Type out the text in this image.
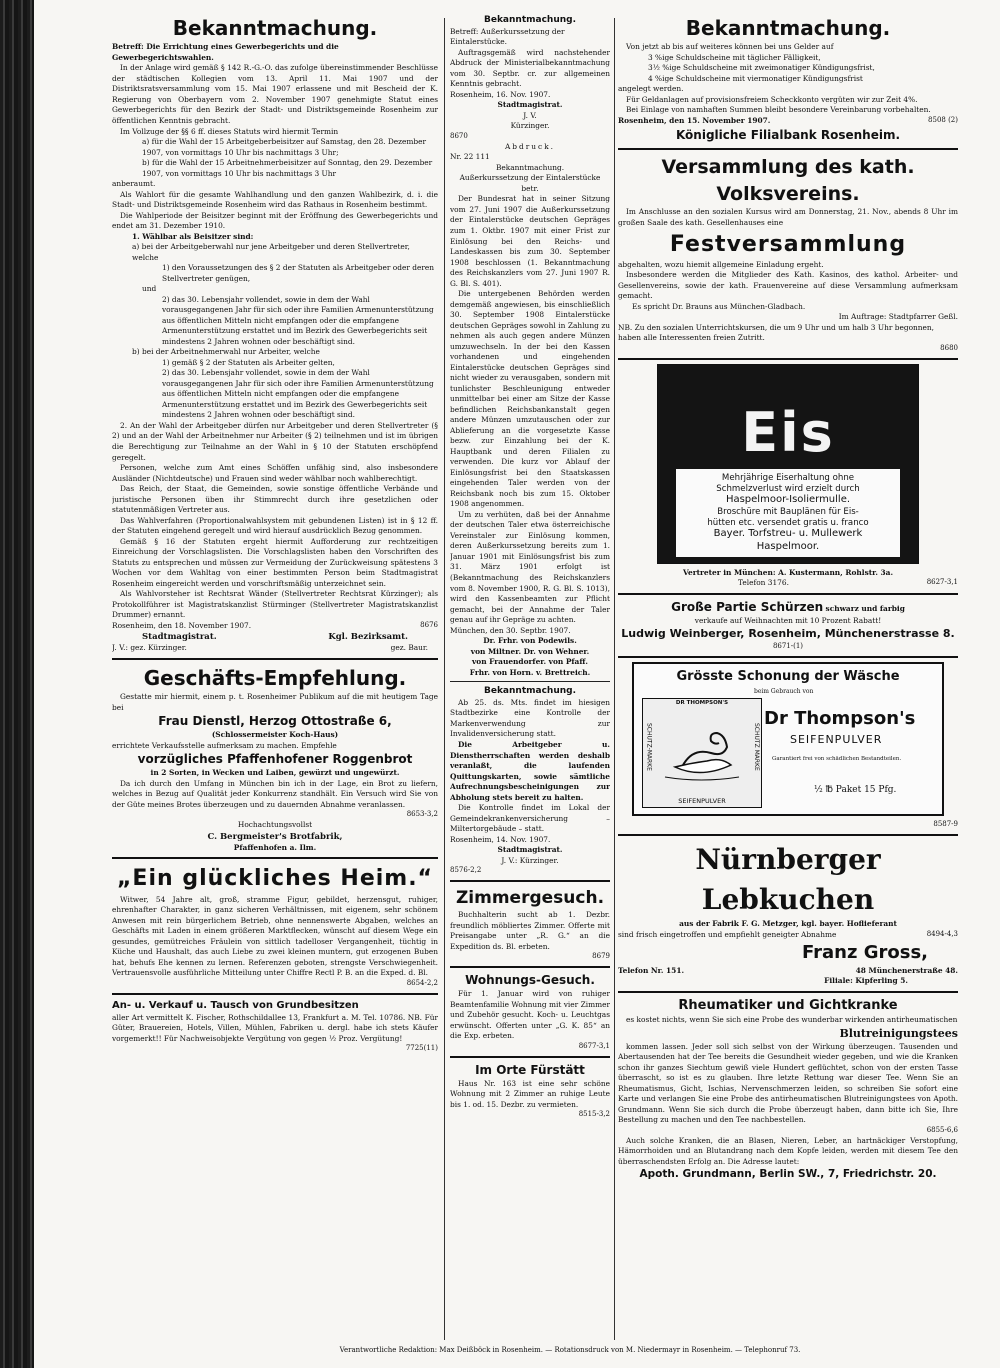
Bekanntmachung.

Betreff: Die Errichtung eines Gewerbegerichts und die Gewerbegerichtswahlen.

In der Anlage wird gemäß § 142 R.-G.-O. das zufolge übereinstimmender Beschlüsse der städtischen Kollegien vom 13. April 11. Mai 1907 und der Distriktsratsversammlung vom 15. Mai 1907 erlassene und mit Bescheid der K. Regierung von Oberbayern vom 2. November 1907 genehmigte Statut eines Gewerbegerichts für den Bezirk der Stadt- und Distriktsgemeinde Rosenheim zur öffentlichen Kenntnis gebracht.

Im Vollzuge der §§ 6 ff. dieses Statuts wird hiermit Termin

a) für die Wahl der 15 Arbeitgeberbeisitzer auf Samstag, den 28. Dezember 1907, von vormittags 10 Uhr bis nachmittags 3 Uhr;

b) für die Wahl der 15 Arbeitnehmerbeisitzer auf Sonntag, den 29. Dezember 1907, von vormittags 10 Uhr bis nachmittags 3 Uhr

anberaumt.

Als Wahlort für die gesamte Wahlhandlung und den ganzen Wahlbezirk, d. i. die Stadt- und Distriktsgemeinde Rosenheim wird das Rathaus in Rosenheim bestimmt.

Die Wahlperiode der Beisitzer beginnt mit der Eröffnung des Gewerbegerichts und endet am 31. Dezember 1910.

1. Wählbar als Beisitzer sind:

a) bei der Arbeitgeberwahl nur jene Arbeitgeber und deren Stellvertreter, welche

1) den Voraussetzungen des § 2 der Statuten als Arbeitgeber oder deren Stellvertreter genügen,

und

2) das 30. Lebensjahr vollendet, sowie in dem der Wahl vorausgegangenen Jahr für sich oder ihre Familien Armenunterstützung aus öffentlichen Mitteln nicht empfangen oder die empfangene Armenunterstützung erstattet und im Bezirk des Gewerbegerichts seit mindestens 2 Jahren wohnen oder beschäftigt sind.

b) bei der Arbeitnehmerwahl nur Arbeiter, welche

1) gemäß § 2 der Statuten als Arbeiter gelten,

2) das 30. Lebensjahr vollendet, sowie in dem der Wahl vorausgegangenen Jahr für sich oder ihre Familien Armenunterstützung aus öffentlichen Mitteln nicht empfangen oder die empfangene Armenunterstützung erstattet und im Bezirk des Gewerbegerichts seit mindestens 2 Jahren wohnen oder beschäftigt sind.

2. An der Wahl der Arbeitgeber dürfen nur Arbeitgeber und deren Stellvertreter (§ 2) und an der Wahl der Arbeitnehmer nur Arbeiter (§ 2) teilnehmen und ist im übrigen die Berechtigung zur Teilnahme an der Wahl in § 10 der Statuten erschöpfend geregelt.

Personen, welche zum Amt eines Schöffen unfähig sind, also insbesondere Ausländer (Nichtdeutsche) und Frauen sind weder wählbar noch wahlberechtigt.

Das Reich, der Staat, die Gemeinden, sowie sonstige öffentliche Verbände und juristische Personen üben ihr Stimmrecht durch ihre gesetzlichen oder statutenmäßigen Vertreter aus.

Das Wahlverfahren (Proportionalwahlsystem mit gebundenen Listen) ist in § 12 ff. der Statuten eingehend geregelt und wird hierauf ausdrücklich Bezug genommen.

Gemäß § 16 der Statuten ergeht hiermit Aufforderung zur rechtzeitigen Einreichung der Vorschlagslisten. Die Vorschlagslisten haben den Vorschriften des Statuts zu entsprechen und müssen zur Vermeidung der Zurückweisung spätestens 3 Wochen vor dem Wahltag von einer bestimmten Person beim Stadtmagistrat Rosenheim eingereicht werden und vorschriftsmäßig unterzeichnet sein.

Als Wahlvorsteher ist Rechtsrat Wänder (Stellvertreter Rechtsrat Kürzinger); als Protokollführer ist Magistratskanzlist Stürminger (Stellvertreter Magistratskanzlist Drummer) ernannt.

Rosenheim, den 18. November 1907.	8676
Stadtmagistrat.	Kgl. Bezirksamt.
J. V.: gez. Kürzinger.	gez. Baur.
Geschäfts-Empfehlung.

Gestatte mir hiermit, einem p. t. Rosenheimer Publikum auf die mit heutigem Tage bei

Frau Dienstl, Herzog Ottostraße 6,
(Schlossermeister Koch-Haus)

errichtete Verkaufsstelle aufmerksam zu machen. Empfehle

vorzügliches Pfaffenhofener Roggenbrot
in 2 Sorten, in Wecken und Laiben, gewürzt und ungewürzt.

Da ich durch den Umfang in München bin ich in der Lage, ein Brot zu liefern, welches in Bezug auf Qualität jeder Konkurrenz standhält. Ein Versuch wird Sie von der Güte meines Brotes überzeugen und zu dauernden Abnahme veranlassen.

8653-3,2
Hochachtungsvollst
C. Bergmeister's Brotfabrik,
Pfaffenhofen a. Ilm.
„Ein glückliches Heim.“

Witwer, 54 Jahre alt, groß, stramme Figur, gebildet, herzensgut, ruhiger, ehrenhafter Charakter, in ganz sicheren Verhältnissen, mit eigenem, sehr schönem Anwesen mit rein bürgerlichem Betrieb, ohne nennenswerte Abgaben, welches an Geschäfts mit Laden in einem größeren Marktflecken, wünscht auf diesem Wege ein gesundes, gemütreiches Fräulein von sittlich tadelloser Vergangenheit, tüchtig in Küche und Haushalt, das auch Liebe zu zwei kleinen muntern, gut erzogenen Buben hat, behufs Ehe kennen zu lernen. Referenzen geboten, strengste Verschwiegenheit. Vertrauensvolle ausführliche Mitteilung unter Chiffre Rectl P. B. an die Exped. d. Bl.

8654-2,2
An- u. Verkauf u. Tausch von Grundbesitzen

aller Art vermittelt K. Fischer, Rothschildallee 13, Frankfurt a. M. Tel. 10786. NB. Für Güter, Brauereien, Hotels, Villen, Mühlen, Fabriken u. dergl. habe ich stets Käufer vorgemerkt!! Für Nachweisobjekte Vergütung von gegen ½ Proz. Vergütung!

7725(11)
Bekanntmachung.

Betreff: Außerkurssetzung der Eintalerstücke.

Auftragsgemäß wird nachstehender Abdruck der Ministerialbekanntmachung vom 30. Septbr. cr. zur allgemeinen Kenntnis gebracht.

Rosenheim, 16. Nov. 1907.

Stadtmagistrat.
J. V.
Kürzinger.
8670
Abdruck.
Nr. 22 111
Bekanntmachung.
Außerkurssetzung der Eintalerstücke betr.

Der Bundesrat hat in seiner Sitzung vom 27. Juni 1907 die Außerkurssetzung der Eintalerstücke deutschen Gepräges zum 1. Oktbr. 1907 mit einer Frist zur Einlösung bei den Reichs- und Landeskassen bis zum 30. September 1908 beschlossen (1. Bekanntmachung des Reichskanzlers vom 27. Juni 1907 R. G. Bl. S. 401).

Die untergebenen Behörden werden demgemäß angewiesen, bis einschließlich 30. September 1908 Eintalerstücke deutschen Gepräges sowohl in Zahlung zu nehmen als auch gegen andere Münzen umzuwechseln. In der bei den Kassen vorhandenen und eingehenden Eintalerstücke deutschen Gepräges sind nicht wieder zu verausgaben, sondern mit tunlichster Beschleunigung entweder unmittelbar bei einer am Sitze der Kasse befindlichen Reichsbankanstalt gegen andere Münzen umzutauschen oder zur Ablieferung an die vorgesetzte Kasse bezw. zur Einzahlung bei der K. Hauptbank und deren Filialen zu verwenden. Die kurz vor Ablauf der Einlösungsfrist bei den Staatskassen eingehenden Taler werden von der Reichsbank noch bis zum 15. Oktober 1908 angenommen.

Um zu verhüten, daß bei der Annahme der deutschen Taler etwa österreichische Vereinstaler zur Einlösung kommen, deren Außerkurssetzung bereits zum 1. Januar 1901 mit Einlösungsfrist bis zum 31. März 1901 erfolgt ist (Bekanntmachung des Reichskanzlers vom 8. November 1900, R. G. Bl. S. 1013), wird den Kassenbeamten zur Pflicht gemacht, bei der Annahme der Taler genau auf ihr Gepräge zu achten.

München, den 30. Septbr. 1907.

Dr. Frhr. von Podewils.
von Miltner. Dr. von Wehner.
von Frauendorfer. von Pfaff.
Frhr. von Horn. v. Brettreich.
Bekanntmachung.

Ab 25. ds. Mts. findet im hiesigen Stadtbezirke eine Kontrolle der Markenverwendung zur Invalidenversicherung statt.

Die Arbeitgeber u. Dienstherrschaften werden deshalb veranlaßt, die laufenden Quittungskarten, sowie sämtliche Aufrechnungsbescheinigungen zur Abholung stets bereit zu halten.

Die Kontrolle findet im Lokal der Gemeindekrankenversicherung – Miltertorgebäude – statt.

Rosenheim, 14. Nov. 1907.

Stadtmagistrat.
J. V.: Kürzinger.
8576-2,2
Zimmergesuch.

Buchhalterin sucht ab 1. Dezbr. freundlich möbliertes Zimmer. Offerte mit Preisangabe unter „R. G.“ an die Expedition ds. Bl. erbeten.

8679
Wohnungs-Gesuch.

Für 1. Januar wird von ruhiger Beamtenfamilie Wohnung mit vier Zimmer und Zubehör gesucht. Koch- u. Leuchtgas erwünscht. Offerten unter „G. K. 85“ an die Exp. erbeten.

8677-3,1
Im Orte Fürstätt

Haus Nr. 163 ist eine sehr schöne Wohnung mit 2 Zimmer an ruhige Leute bis 1. od. 15. Dezbr. zu vermieten.

8515-3,2
Bekanntmachung.

Von jetzt ab bis auf weiteres können bei uns Gelder auf

3 %ige Schuldscheine mit täglicher Fälligkeit,

3½ %ige Schuldscheine mit zweimonatiger Kündigungsfrist,

4 %ige Schuldscheine mit viermonatiger Kündigungsfrist

angelegt werden.

Für Geldanlagen auf provisionsfreiem Scheckkonto vergüten wir zur Zeit 4%.

Bei Einlage von namhaften Summen bleibt besondere Vereinbarung vorbehalten.

Rosenheim, den 15. November 1907.	8508 (2)
Königliche Filialbank Rosenheim.
Versammlung des kath. Volksvereins.

Im Anschlusse an den sozialen Kursus wird am Donnerstag, 21. Nov., abends 8 Uhr im großen Saale des kath. Gesellenhauses eine

Festversammlung

abgehalten, wozu hiemit allgemeine Einladung ergeht.

Insbesondere werden die Mitglieder des Kath. Kasinos, des kathol. Arbeiter- und Gesellenvereins, sowie der kath. Frauenvereine auf diese Versammlung aufmerksam gemacht.

Es spricht Dr. Brauns aus München-Gladbach.

Im Auftrage: Stadtpfarrer Geßl.

NB. Zu den sozialen Unterrichtskursen, die um 9 Uhr und um halb 3 Uhr begonnen, haben alle Interessenten freien Zutritt.

8680
Eis
Mehrjährige Eiserhaltung ohne
Schmelzverlust wird erzielt durch
Haspelmoor-Isoliermulle.
Broschüre mit Bauplänen für Eis-
hütten etc. versendet gratis u. franco
Bayer. Torfstreu- u. Mullewerk
Haspelmoor.
Vertreter in München: A. Kustermann, Rohlstr. 3a.
Telefon 3176.	8627-3,1
Große Partie Schürzen schwarz und farbig
verkaufe auf Weihnachten mit 10 Prozent Rabatt!
Ludwig Weinberger, Rosenheim, Münchenerstrasse 8.
8671-(1)
Grösste Schonung der Wäsche
beim Gebrauch von
DR THOMPSON'S
SCHUTZ-MARKE	SCHUTZ MARKE
SEIFENPULVER
Dr Thompson's
SEIFENPULVER
Garantiert frei von schädlichen Bestandteilen.
½ ℔ Paket 15 Pfg.
8587-9
Nürnberger Lebkuchen
aus der Fabrik F. G. Metzger, kgl. bayer. Hoflieferant
sind frisch eingetroffen und empfiehlt geneigter Abnahme	8494-4,3
Franz Gross,
Telefon Nr. 151.	48 Münchenerstraße 48.
Filiale: Kipferling 5.
Rheumatiker und Gichtkranke

es kostet nichts, wenn Sie sich eine Probe des wunderbar wirkenden antirheumatischen

Blutreinigungstees

kommen lassen. Jeder soll sich selbst von der Wirkung überzeugen. Tausenden und Abertausenden hat der Tee bereits die Gesundheit wieder gegeben, und wie die Kranken schon ihr ganzes Siechtum gewiß viele Hundert geflüchtet, schon von der ersten Tasse überrascht, so ist es zu glauben. Ihre letzte Rettung war dieser Tee. Wenn Sie an Rheumatismus, Gicht, Ischias, Nervenschmerzen leiden, so schreiben Sie sofort eine Karte und verlangen Sie eine Probe des antirheumatischen Blutreinigungstees von Apoth. Grundmann. Wenn Sie sich durch die Probe überzeugt haben, dann bitte ich Sie, Ihre Bestellung zu machen und den Tee nachbestellen.

6855-6,6

Auch solche Kranken, die an Blasen, Nieren, Leber, an hartnäckiger Verstopfung, Hämorrhoiden und an Blutandrang nach dem Kopfe leiden, werden mit diesem Tee den überraschendsten Erfolg an. Die Adresse lautet:

Apoth. Grundmann, Berlin SW., 7, Friedrichstr. 20.
Verantwortliche Redaktion: Max Deißböck in Rosenheim. — Rotationsdruck von M. Niedermayr in Rosenheim. — Telephonruf 73.
